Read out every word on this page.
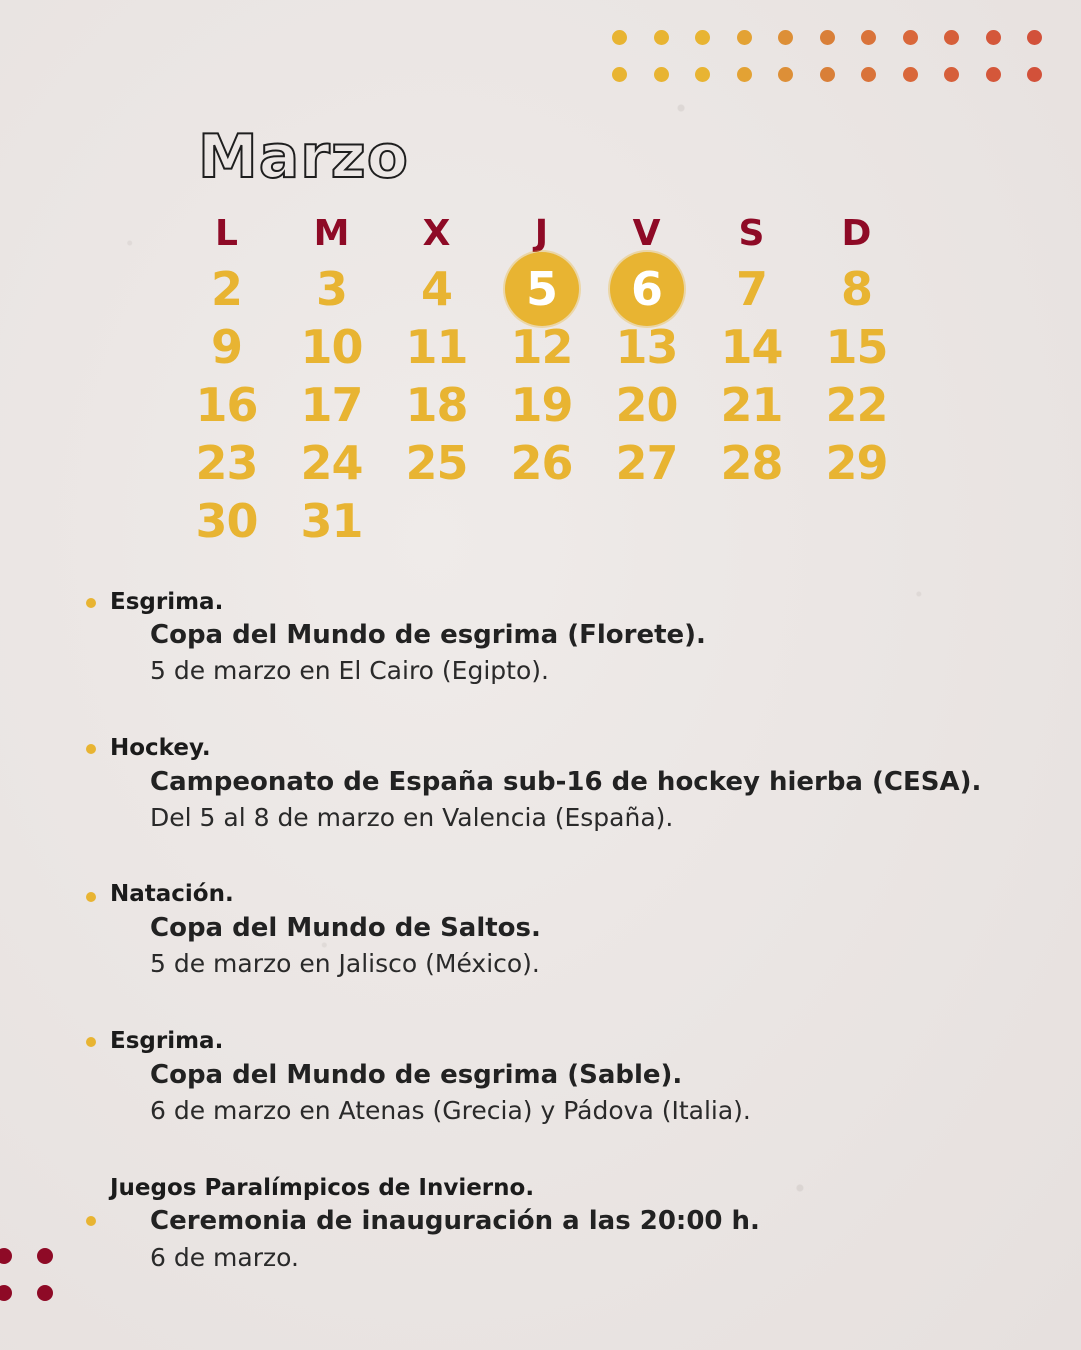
Marzo
L	M	X	J	V	S	D
2	3	4	5	6	7	8
9	10 11 12 13 14 15
16 17 18 19 20 21 22
23 24 25 26 27 28 29
30 31
Esgrima.
Copa del Mundo de esgrima (Florete).
5 de marzo en El Cairo (Egipto).
Hockey.
Campeonato de España sub-16 de hockey hierba (CESA).
Del 5 al 8 de marzo en Valencia (España).
Natación.
Copa del Mundo de Saltos.
5 de marzo en Jalisco (México).
Esgrima.
Copa del Mundo de esgrima (Sable).
6 de marzo en Atenas (Grecia) y Pádova (Italia).
Juegos Paralímpicos de Invierno.
Ceremonia de inauguración a las 20:00 h.
6 de marzo.
